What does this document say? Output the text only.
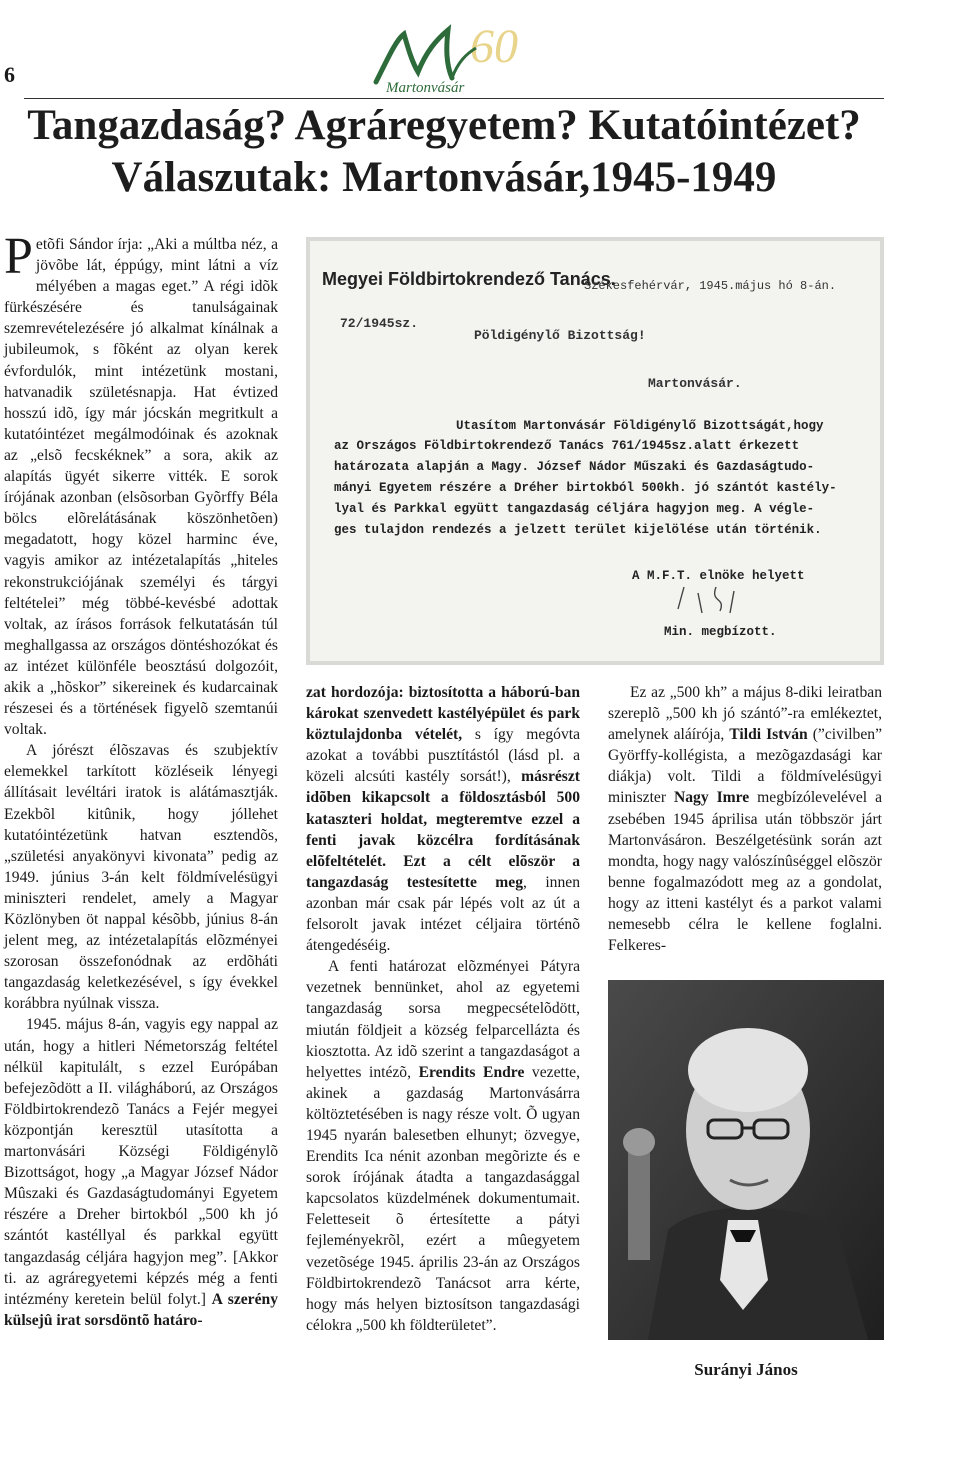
6
60
Martonvásár
Tangazdaság? Agráregyetem? Kutatóintézet?
Válaszutak: Martonvásár,1945-1949

Petõfi Sándor írja: „Aki a múltba néz, a jövõbe lát, éppúgy, mint látni a víz mélyében a magas eget.” A régi idõk fürkészésére és tanulságainak szemrevételezésére jó alkalmat kínálnak a jubileumok, s fõként az olyan kerek évfordulók, mint intézetünk mostani, hatvanadik születésnapja. Hat évtized hosszú idõ, így már jócskán megritkult a kutatóintézet megálmodóinak és azoknak az „elsõ fecskéknek” a sora, akik az alapítás ügyét sikerre vitték. E sorok írójának azonban (elsõsorban Gyõrffy Béla bölcs elõrelátásának köszönhetõen) megadatott, hogy közel harminc éve, vagyis amikor az intézetalapítás „hiteles rekonstrukciójának személyi és tárgyi feltételei” még többé-kevésbé adottak voltak, az írásos források felkutatásán túl meghallgassa az országos döntéshozókat és az intézet különféle beosztású dolgozóit, akik a „hõskor” sikereinek és kudarcainak részesei és a történések figyelõ szemtanúi voltak.

A jórészt élõszavas és szubjektív elemekkel tarkított közléseik lényegi állításait levéltári iratok is alátámasztják. Ezekbõl kitûnik, hogy jóllehet kutatóintézetünk hatvan esztendõs, „születési anyakönyvi kivonata” pedig az 1949. június 3-án kelt földmívelésügyi miniszteri rendelet, amely a Magyar Közlönyben öt nappal késõbb, június 8-án jelent meg, az intézetalapítás elõzményei szorosan összefonódnak az erdõháti tangazdaság keletkezésével, s így évekkel korábbra nyúlnak vissza.

1945. május 8-án, vagyis egy nappal az után, hogy a hitleri Németország feltétel nélkül kapitulált, s ezzel Európában befejezõdött a II. világháború, az Országos Földbirtokrendezõ Tanács a Fejér megyei központján keresztül utasította a martonvásári Községi Földigénylõ Bizottságot, hogy „a Magyar József Nádor Mûszaki és Gazdaságtudományi Egyetem részére a Dreher birtokból „500 kh jó szántót kastéllyal és parkkal együtt tangazdaság céljára hagyjon meg”. [Akkor ti. az agráregyetemi képzés még a fenti intézmény keretein belül folyt.] A szerény külsejû irat sorsdöntõ határo-

Megyei Földbirtokrendező Tanács.
Székesfehérvár, 1945.május hó 8-án.
72/1945sz.
Pöldigénylő Bizottság!
Martonvásár.
Utasítom Martonvásár Földigénylő Bizottságát,hogy
az Országos Földbirtokrendező Tanács 761/1945sz.alatt érkezett
határozata alapján a Magy. József Nádor Műszaki és Gazdaságtudo-
mányi Egyetem részére a Dréher birtokból 500kh. jó szántót kastély-
lyal és Parkkal együtt tangazdaság céljára hagyjon meg. A végle-
ges tulajdon rendezés a jelzett terület kijelölése után történik.
A M.F.T. elnöke helyett
Min. megbízott.

zat hordozója: biztosította a háború-ban károkat szenvedett kastélyépület és park köztulajdonba vételét, s így megóvta azokat a további pusztítástól (lásd pl. a közeli alcsúti kastély sorsát!), másrészt idõben kikapcsolt a földosztásból 500 kataszteri holdat, megteremtve ezzel a fenti javak közcélra fordításának elõfeltételét. Ezt a célt elõször a tangazdaság testesítette meg, innen azonban már csak pár lépés volt az út a felsorolt javak intézet céljaira történõ átengedéséig.

A fenti határozat elõzményei Pátyra vezetnek bennünket, ahol az egyetemi tangazdaság sorsa megpecsételõdött, miután földjeit a község felparcellázta és kiosztotta. Az idõ szerint a tangazdaságot a helyettes intézõ, Erendits Endre vezette, akinek a gazdaság Martonvásárra költöztetésében is nagy része volt. Õ ugyan 1945 nyarán balesetben elhunyt; özvegye, Erendits Ica nénit azonban megõrizte és e sorok írójának átadta a tangazdasággal kapcsolatos küzdelmének dokumentumait. Feletteseit õ értesítette a pátyi fejleményekrõl, ezért a mûegyetem vezetõsége 1945. április 23-án az Országos Földbirtokrendezõ Tanácsot arra kérte, hogy más helyen biztosítson tangazdasági célokra „500 kh földterületet”.

Ez az „500 kh” a május 8-diki leiratban szereplõ „500 kh jó szántó”-ra emlékeztet, amelynek aláírója, Tildi István (”civilben” Györffy-kollégista, a mezõgazdasági kar diákja) volt. Tildi a földmívelésügyi miniszter Nagy Imre megbízólevelével a zsebében 1945 áprilisa után többször járt Martonvásáron. Beszélgetésünk során azt mondta, hogy nagy valószínûséggel elõször benne fogalmazódott meg az a gondolat, hogy az itteni kastélyt és a parkot valami nemesebb célra le kellene foglalni. Felkeres-

Surányi János
